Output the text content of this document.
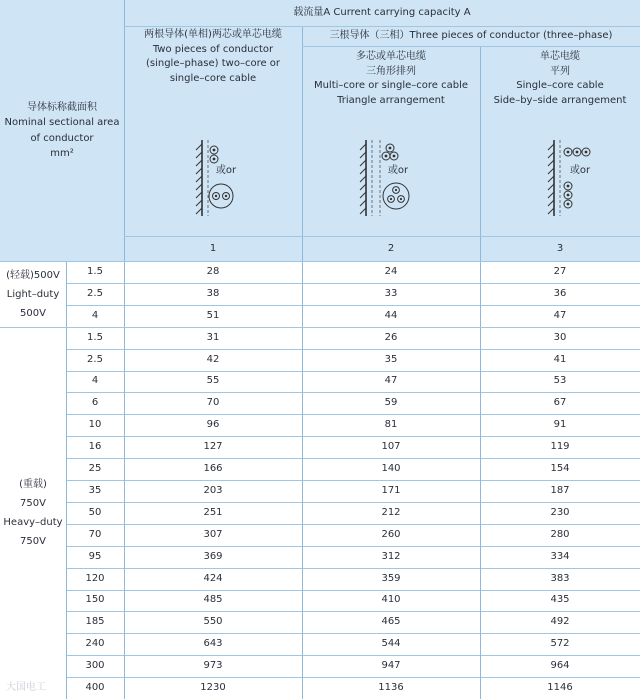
导体标称截面积
Nominal sectional area
of conductor
mm²
载流量A Current carrying capacity A
两根导体(单相)两芯或单芯电缆
Two pieces of conductor
(single–phase) two–core or
single–core cable
三根导体（三相）Three pieces of conductor (three–phase)
多芯或单芯电缆
三角形排列
Multi–core or single–core cable
Triangle arrangement
单芯电缆
平列
Single–core cable
Side–by–side arrangement
1	2	3
或or	或or	或or
(轻载)500V
Light–duty
500V
(重载)
750V
Heavy–duty
750V
1.5	28	24	27
2.5	38	33	36
4	51	44	47
1.5	31	26	30
2.5	42	35	41
4	55	47	53
6	70	59	67
10	96	81	91
16	127	107	119
25	166	140	154
35	203	171	187
50	251	212	230
70	307	260	280
95	369	312	334
120	424	359	383
150	485	410	435
185	550	465	492
240	643	544	572
300	973	947	964
400	1230	1136	1146
大国电工
